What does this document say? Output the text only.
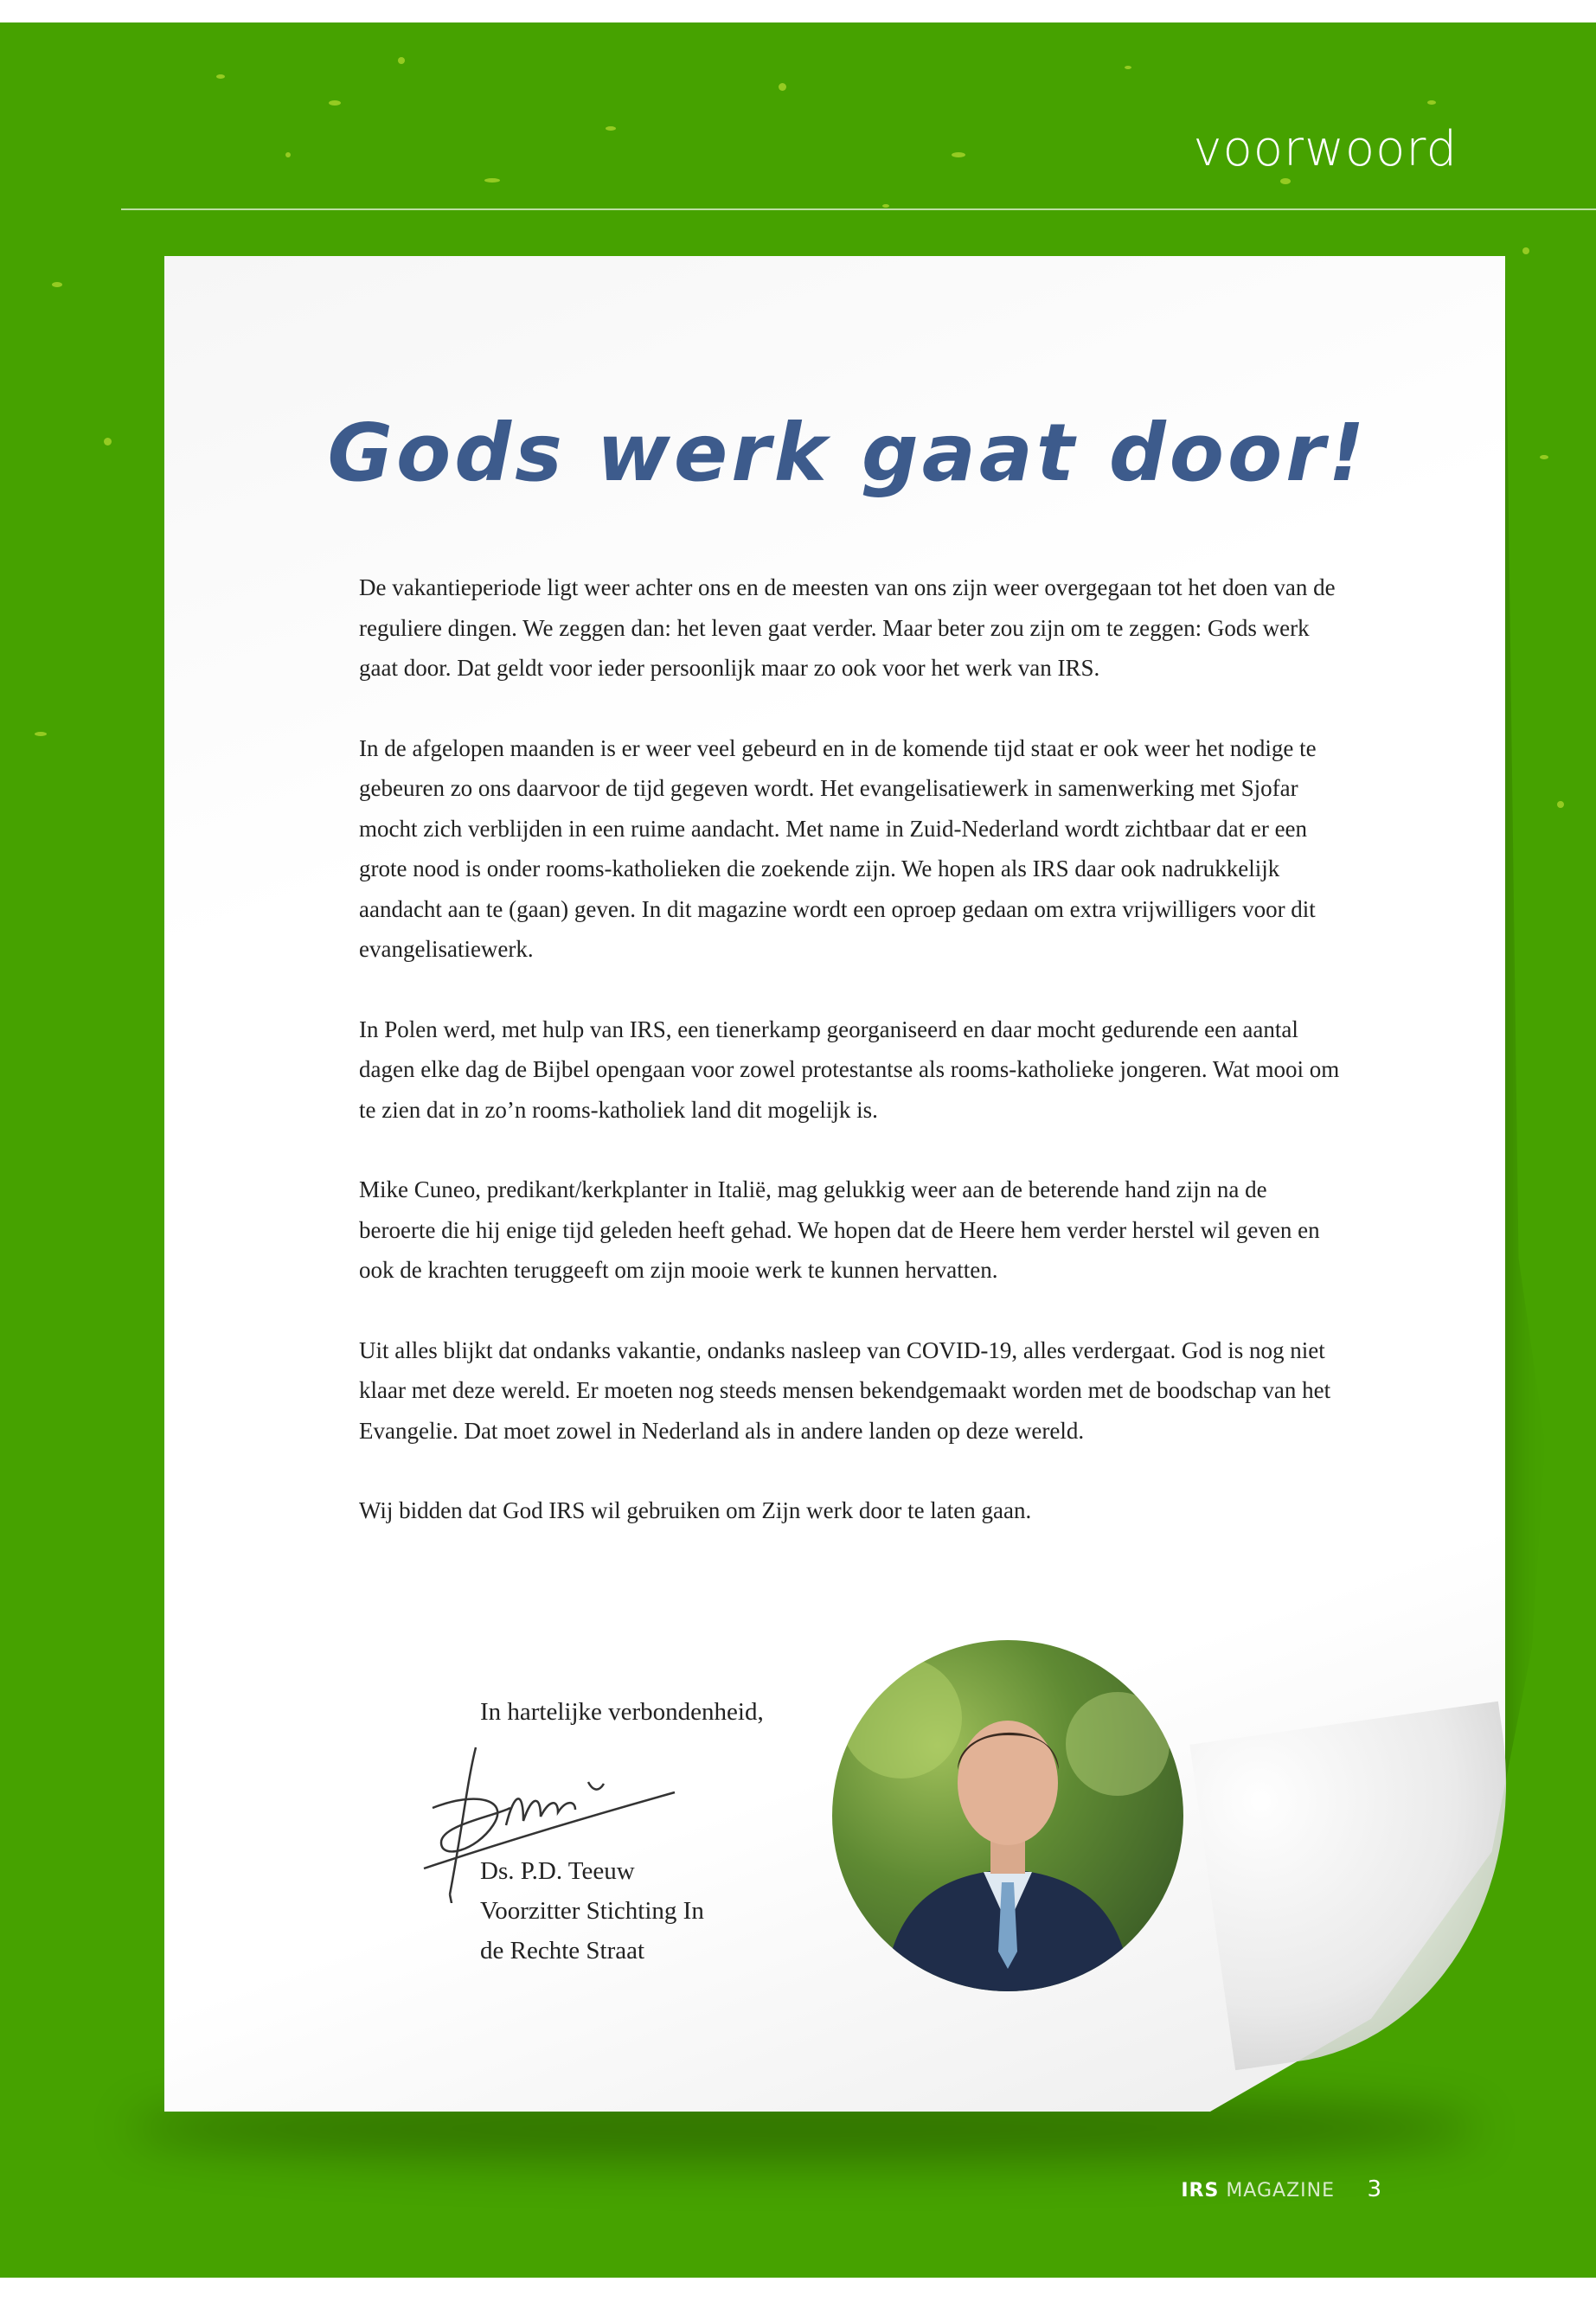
voorwoord
Gods werk gaat door!

De vakantieperiode ligt weer achter ons en de meesten van ons zijn weer overgegaan tot het doen van de reguliere dingen. We zeggen dan: het leven gaat verder. Maar beter zou zijn om te zeggen: Gods werk gaat door. Dat geldt voor ieder persoonlijk maar zo ook voor het werk van IRS.

In de afgelopen maanden is er weer veel gebeurd en in de komende tijd staat er ook weer het nodige te gebeuren zo ons daarvoor de tijd gegeven wordt. Het evangelisatiewerk in samenwerking met Sjofar mocht zich verblijden in een ruime aandacht. Met name in Zuid-Nederland wordt zichtbaar dat er een grote nood is onder rooms-katholieken die zoekende zijn. We hopen als IRS daar ook nadrukkelijk aandacht aan te (gaan) geven. In dit magazine wordt een oproep gedaan om extra vrijwilligers voor dit evangelisatiewerk.

In Polen werd, met hulp van IRS, een tienerkamp georganiseerd en daar mocht gedurende een aantal dagen elke dag de Bijbel opengaan voor zowel protestantse als rooms-katholieke jongeren. Wat mooi om te zien dat in zo’n rooms-katholiek land dit mogelijk is.

Mike Cuneo, predikant/kerkplanter in Italië, mag gelukkig weer aan de beterende hand zijn na de beroerte die hij enige tijd geleden heeft gehad. We hopen dat de Heere hem verder herstel wil geven en ook de krachten teruggeeft om zijn mooie werk te kunnen hervatten.

Uit alles blijkt dat ondanks vakantie, ondanks nasleep van COVID-19, alles verdergaat. God is nog niet klaar met deze wereld. Er moeten nog steeds mensen bekendgemaakt worden met de boodschap van het Evangelie. Dat moet zowel in Nederland als in andere landen op deze wereld.

Wij bidden dat God IRS wil gebruiken om Zijn werk door te laten gaan.

In hartelijke verbondenheid,
Ds. P.D. Teeuw
Voorzitter Stichting In
de Rechte Straat
IRS MAGAZINE	3
